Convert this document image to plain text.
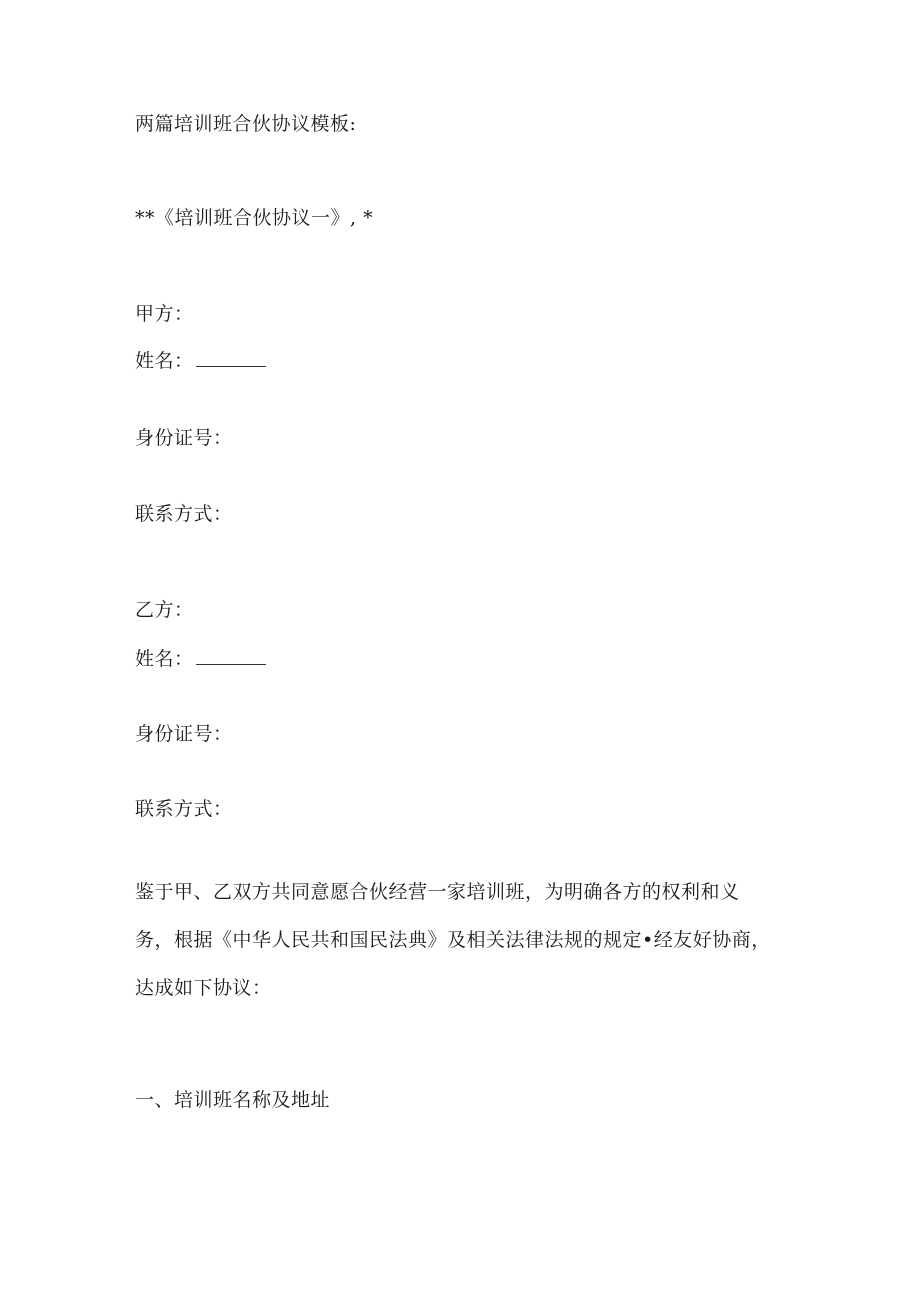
两篇培训班合伙协议模板:
**《培训班合伙协议一》, *
甲方：
姓名：
身份证号：
联系方式：
乙方：
姓名：
身份证号：
联系方式：
鉴于甲、乙双方共同意愿合伙经营一家培训班，为明确各方的权利和义务，根据《中华人民共和国民法典》及相关法律法规的规定•经友好协商，达成如下协议：
一、培训班名称及地址
